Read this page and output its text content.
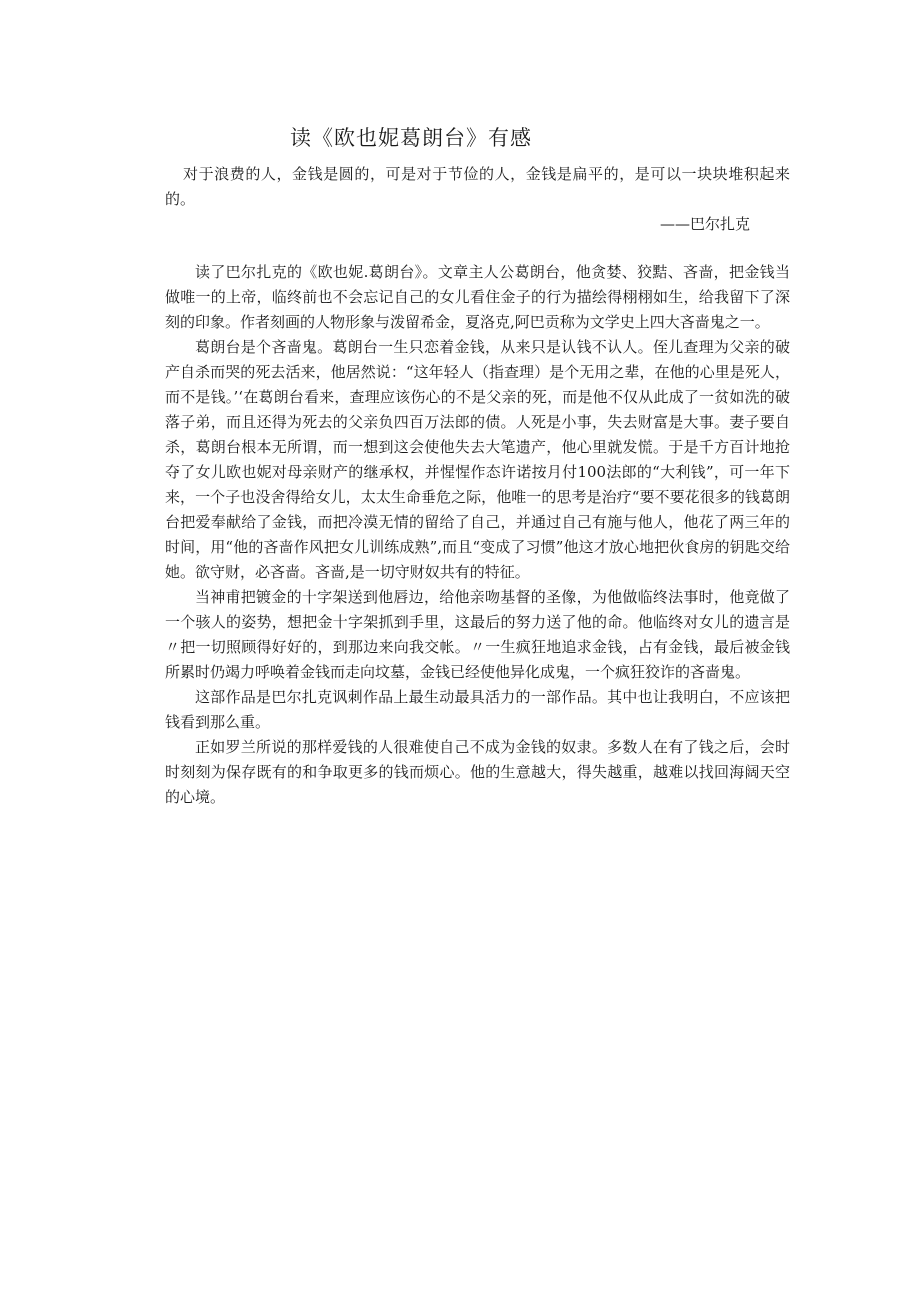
读《欧也妮葛朗台》有感

对于浪费的人，金钱是圆的，可是对于节俭的人，金钱是扁平的，是可以一块块堆积起来的。

——巴尔扎克

读了巴尔扎克的《欧也妮.葛朗台》。文章主人公葛朗台，他贪婪、狡黠、吝啬，把金钱当做唯一的上帝，临终前也不会忘记自己的女儿看住金子的行为描绘得栩栩如生，给我留下了深刻的印象。作者刻画的人物形象与泼留希金，夏洛克,阿巴贡称为文学史上四大吝啬鬼之一。

葛朗台是个吝啬鬼。葛朗台一生只恋着金钱，从来只是认钱不认人。侄儿查理为父亲的破产自杀而哭的死去活来，他居然说：“这年轻人（指查理）是个无用之辈，在他的心里是死人，而不是钱。’‘在葛朗台看来，查理应该伤心的不是父亲的死，而是他不仅从此成了一贫如洗的破落子弟，而且还得为死去的父亲负四百万法郎的债。人死是小事，失去财富是大事。妻子要自杀，葛朗台根本无所谓，而一想到这会使他失去大笔遗产，他心里就发慌。于是千方百计地抢夺了女儿欧也妮对母亲财产的继承权，并惺惺作态许诺按月付100法郎的“大利钱”，可一年下来，一个子也没舍得给女儿，太太生命垂危之际，他唯一的思考是治疗“要不要花很多的钱葛朗台把爱奉献给了金钱，而把冷漠无情的留给了自己，并通过自己有施与他人，他花了两三年的时间，用“他的吝啬作风把女儿训练成熟”,而且“变成了习惯”他这才放心地把伙食房的钥匙交给她。欲守财，必吝啬。吝啬,是一切守财奴共有的特征。

当神甫把镀金的十字架送到他唇边，给他亲吻基督的圣像，为他做临终法事时，他竟做了一个骇人的姿势，想把金十字架抓到手里，这最后的努力送了他的命。他临终对女儿的遗言是〃把一切照顾得好好的，到那边来向我交帐。〃一生疯狂地追求金钱，占有金钱，最后被金钱所累时仍竭力呼唤着金钱而走向坟墓，金钱已经使他异化成鬼，一个疯狂狡诈的吝啬鬼。

这部作品是巴尔扎克讽刺作品上最生动最具活力的一部作品。其中也让我明白，不应该把钱看到那么重。

正如罗兰所说的那样爱钱的人很难使自己不成为金钱的奴隶。多数人在有了钱之后，会时时刻刻为保存既有的和争取更多的钱而烦心。他的生意越大，得失越重，越难以找回海阔天空的心境。
